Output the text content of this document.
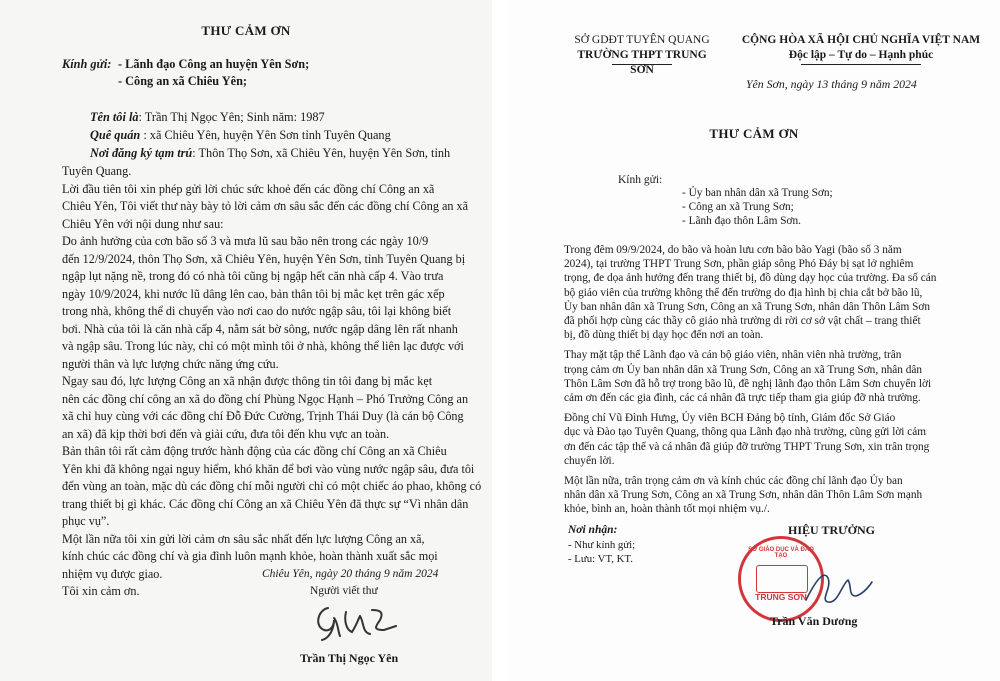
THƯ CẢM ƠN
Kính gửi: - Lãnh đạo Công an huyện Yên Sơn;
- Công an xã Chiêu Yên;
Tên tôi là: Trần Thị Ngọc Yên; Sinh năm: 1987
Quê quán : xã Chiêu Yên, huyện Yên Sơn tỉnh Tuyên Quang
Nơi đăng ký tạm trú: Thôn Thọ Sơn, xã Chiêu Yên, huyện Yên Sơn, tỉnh
Tuyên Quang.
Lời đầu tiên tôi xin phép gửi lời chúc sức khoẻ đến các đồng chí Công an xã
Chiêu Yên, Tôi viết thư này bày tỏ lời cảm ơn sâu sắc đến các đồng chí Công an xã
Chiêu Yên với nội dung như sau:
Do ảnh hưởng của cơn bão số 3 và mưa lũ sau bão nên trong các ngày 10/9
đến 12/9/2024, thôn Thọ Sơn, xã Chiêu Yên, huyện Yên Sơn, tỉnh Tuyên Quang bị
ngập lụt nặng nề, trong đó có nhà tôi cũng bị ngập hết căn nhà cấp 4. Vào trưa
ngày 10/9/2024, khi nước lũ dâng lên cao, bản thân tôi bị mắc kẹt trên gác xếp
trong nhà, không thể di chuyển vào nơi cao do nước ngập sâu, tôi lại không biết
bơi. Nhà của tôi là căn nhà cấp 4, nằm sát bờ sông, nước ngập dâng lên rất nhanh
và ngập sâu. Trong lúc này, chỉ có một mình tôi ở nhà, không thể liên lạc được với
người thân và lực lượng chức năng ứng cứu.
Ngay sau đó, lực lượng Công an xã nhận được thông tin tôi đang bị mắc kẹt
nên các đồng chí công an xã do đồng chí Phùng Ngọc Hạnh – Phó Trưởng Công an
xã chỉ huy cùng với các đồng chí Đỗ Đức Cường, Trịnh Thái Duy (là cán bộ Công
an xã) đã kịp thời bơi đến và giải cứu, đưa tôi đến khu vực an toàn.
Bản thân tôi rất cảm động trước hành động của các đồng chí Công an xã Chiêu
Yên khi đã không ngại nguy hiểm, khó khăn để bơi vào vùng nước ngập sâu, đưa tôi
đến vùng an toàn, mặc dù các đồng chí mỗi người chỉ có một chiếc áo phao, không có
trang thiết bị gì khác. Các đồng chí Công an xã Chiêu Yên đã thực sự “Vì nhân dân
phục vụ”.
Một lần nữa tôi xin gửi lời cảm ơn sâu sắc nhất đến lực lượng Công an xã,
kính chúc các đồng chí và gia đình luôn mạnh khỏe, hoàn thành xuất sắc mọi
nhiệm vụ được giao.
Tôi xin cảm ơn.
Chiêu Yên, ngày 20 tháng 9 năm 2024
Người viết thư
Trần Thị Ngọc Yên
SỞ GDĐT TUYÊN QUANG
TRƯỜNG THPT TRUNG SƠN
CỘNG HÒA XÃ HỘI CHỦ NGHĨA VIỆT NAM
Độc lập – Tự do – Hạnh phúc
Yên Sơn, ngày 13 tháng 9 năm 2024
THƯ CẢM ƠN
Kính gửi:
- Ủy ban nhân dân xã Trung Sơn;
- Công an xã Trung Sơn;
- Lãnh đạo thôn Lâm Sơn.
Trong đêm 09/9/2024, do bão và hoàn lưu cơn bão bão Yagi (bão số 3 năm
2024), tại trường THPT Trung Sơn, phần giáp sông Phó Đáy bị sạt lở nghiêm
trọng, đe dọa ảnh hưởng đến trang thiết bị, đồ dùng dạy học của trường. Đa số cán
bộ giáo viên của trường không thể đến trường do địa hình bị chia cắt bở bão lũ,
Ủy ban nhân dân xã Trung Sơn, Công an xã Trung Sơn, nhân dân Thôn Lâm Sơn
đã phối hợp cùng các thầy cô giáo nhà trường di rời cơ sở vật chất – trang thiết
bị, đồ dùng thiết bị dạy học đến nơi an toàn.
Thay mặt tập thể Lãnh đạo và cán bộ giáo viên, nhân viên nhà trường, trân
trọng cảm ơn Ủy ban nhân dân xã Trung Sơn, Công an xã Trung Sơn, nhân dân
Thôn Lâm Sơn đã hỗ trợ trong bão lũ, đề nghị lãnh đạo thôn Lâm Sơn chuyển lời
cảm ơn đến các gia đình, các cá nhân đã trực tiếp tham gia giúp đỡ nhà trường.
Đồng chí Vũ Đình Hưng, Ủy viên BCH Đảng bộ tỉnh, Giám đốc Sở Giáo
dục và Đào tạo Tuyên Quang, thông qua Lãnh đạo nhà trường, cũng gửi lời cảm
ơn đến các tập thể và cá nhân đã giúp đỡ trường THPT Trung Sơn, xin trân trọng
chuyển lời.
Một lần nữa, trân trọng cảm ơn và kính chúc các đồng chí lãnh đạo Ủy ban
nhân dân xã Trung Sơn, Công an xã Trung Sơn, nhân dân Thôn Lâm Sơn mạnh
khỏe, bình an, hoàn thành tốt mọi nhiệm vụ./.
Nơi nhận:
- Như kính gửi;
- Lưu: VT, KT.
HIỆU TRƯỞNG
SỞ GIÁO DỤC VÀ ĐÀO TẠO
TRUNG SƠN
Trần Văn Dương
